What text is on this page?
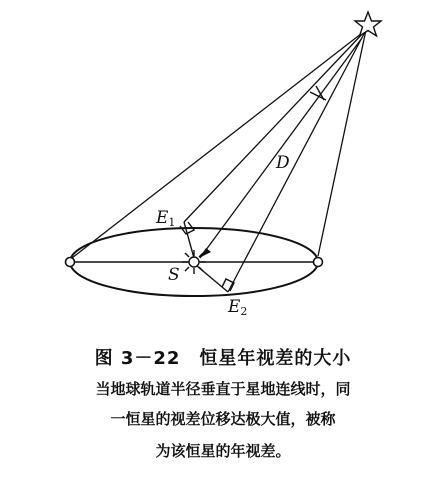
D
E1
S
E2
图 3－22　恒星年视差的大小
当地球轨道半径垂直于星地连线时，同
一恒星的视差位移达极大值，被称
为该恒星的年视差。
